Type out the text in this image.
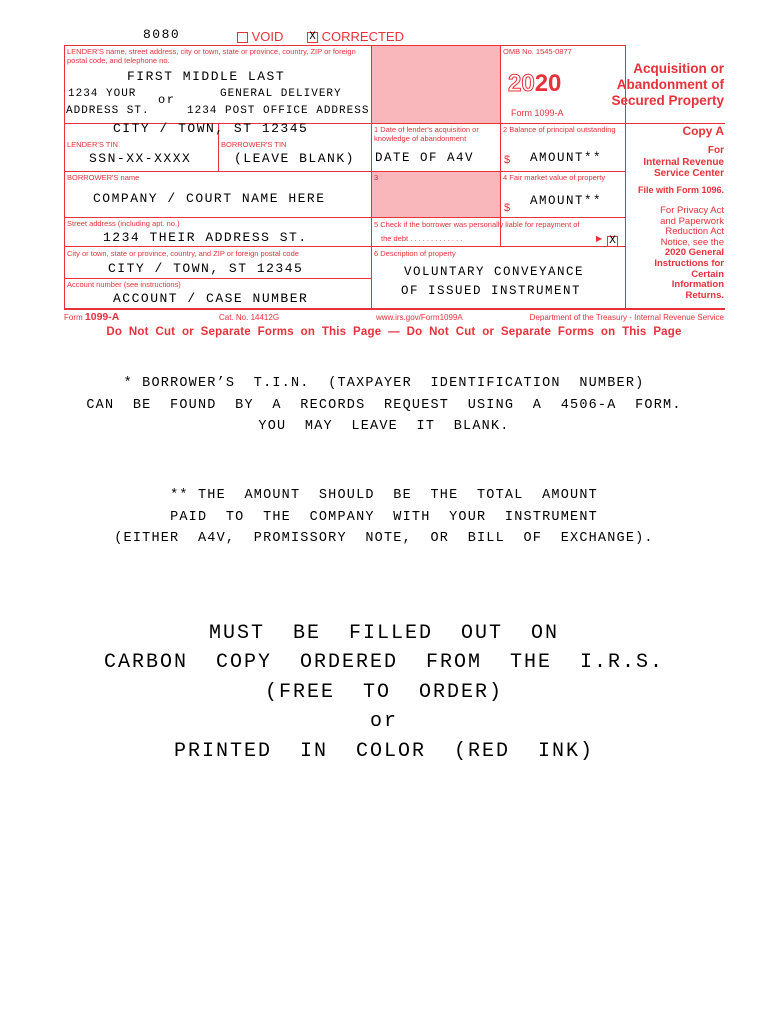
8080	VOID X CORRECTED
LENDER'S name, street address, city or town, state or province, country, ZIP or foreign postal code, and telephone no.
FIRST MIDDLE LAST
1234 YOUR or	GENERAL DELIVERY
ADDRESS ST.	1234 POST OFFICE ADDRESS
CITY / TOWN, ST 12345
OMB No. 1545-0877
2020
Form 1099-A
Acquisition or
Abandonment of
Secured Property
LENDER'S TIN
SSN-XX-XXXX
BORROWER'S TIN
(LEAVE BLANK)
1 Date of lender's acquisition or knowledge of abandonment
DATE OF A4V
2 Balance of principal outstanding
$ AMOUNT**
Copy A
For
Internal Revenue
Service Center
File with Form 1096.
BORROWER'S name
COMPANY / COURT NAME HERE
3	4 Fair market value of property
$ AMOUNT**
Street address (including apt. no.)
1234 THEIR ADDRESS ST.
5 Check if the borrower was personally liable for repayment of
the debt . . . . . . . . . . . . .	▶ X
For Privacy Act
and Paperwork
Reduction Act
Notice, see the
2020 General
Instructions for
Certain
Information
Returns.
City or town, state or province, country, and ZIP or foreign postal code
CITY / TOWN, ST 12345
6 Description of property
VOLUNTARY CONVEYANCE
OF ISSUED INSTRUMENT
Account number (see instructions)
ACCOUNT / CASE NUMBER
Form 1099-A	Cat. No. 14412G	www.irs.gov/Form1099A	Department of the Treasury - Internal Revenue Service
Do  Not  Cut  or  Separate  Forms  on  This  Page  —  Do  Not  Cut  or  Separate  Forms  on  This  Page
* BORROWER’S  T.I.N.  (TAXPAYER  IDENTIFICATION  NUMBER)
CAN  BE  FOUND  BY  A  RECORDS  REQUEST  USING  A  4506-A  FORM.
YOU  MAY  LEAVE  IT  BLANK.
** THE  AMOUNT  SHOULD  BE  THE  TOTAL  AMOUNT
PAID  TO  THE  COMPANY  WITH  YOUR  INSTRUMENT
(EITHER  A4V,  PROMISSORY  NOTE,  OR  BILL  OF  EXCHANGE).
MUST  BE  FILLED  OUT  ON
CARBON  COPY  ORDERED  FROM  THE  I.R.S.
(FREE  TO  ORDER)
or
PRINTED  IN  COLOR  (RED  INK)
